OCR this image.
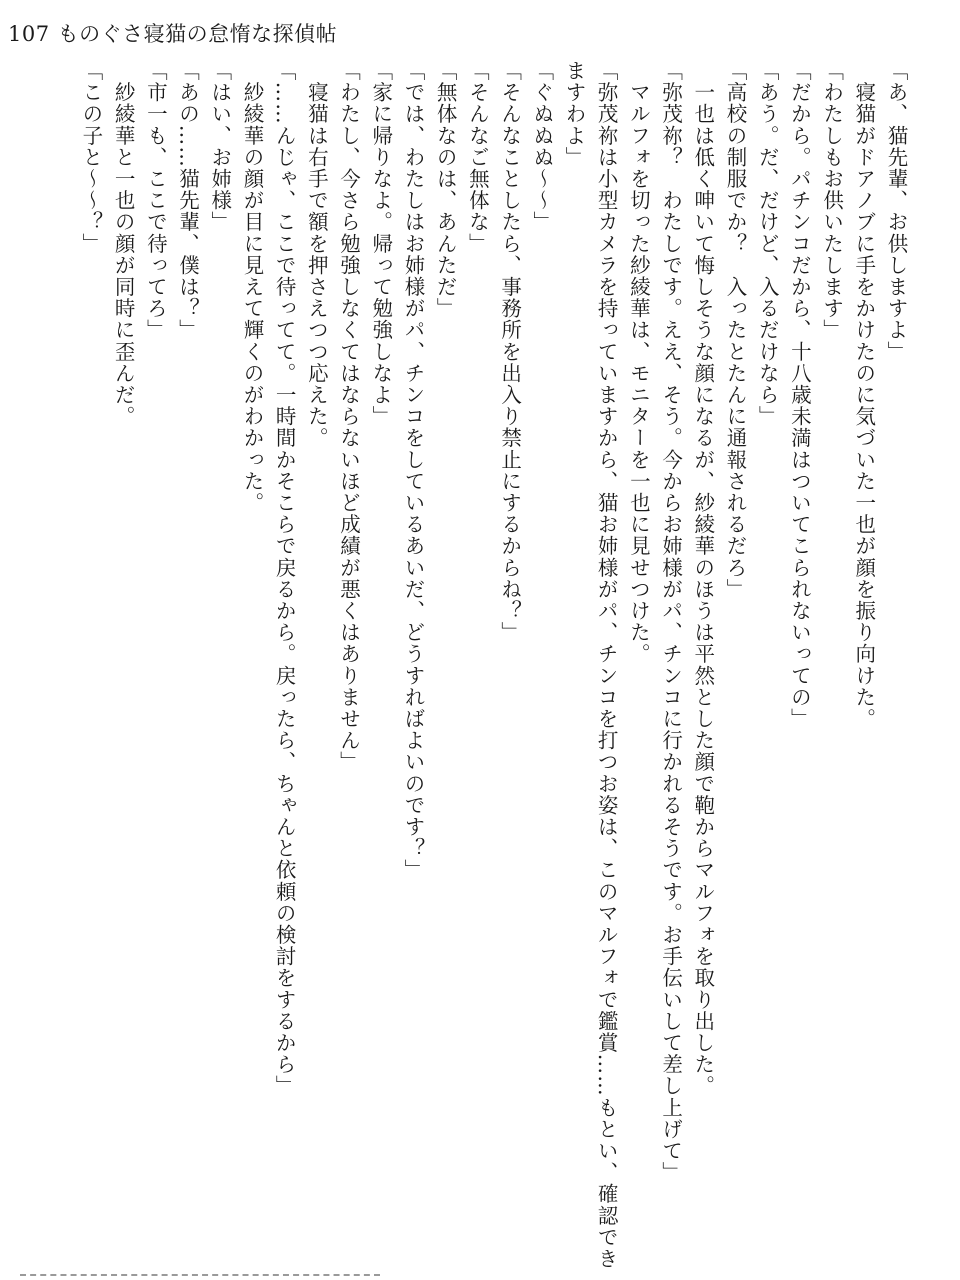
107 ものぐさ寝猫の怠惰な探偵帖

「あ、猫先輩、お供しますよ」

　寝猫がドアノブに手をかけたのに気づいた一也が顔を振り向けた。

「わたしもお供いたします」

「だから。パチンコだから、十八歳未満はついてこられないっての」

「あう。だ、だけど、入るだけなら」

「高校の制服でか？　入ったとたんに通報されるだろ」

　一也は低く呻いて悔しそうな顔になるが、紗綾華のほうは平然とした顔で鞄からマルフォを取り出した。

「弥茂祢？　わたしです。ええ、そう。今からお姉様がパ、チンコに行かれるそうです。お手伝いして差し上げて」

　マルフォを切った紗綾華は、モニターを一也に見せつけた。

「弥茂祢は小型カメラを持っていますから、猫お姉様がパ、チンコを打つお姿は、このマルフォで鑑賞……もとい、確認できますわよ」

「ぐぬぬぬ〜〜」

「そんなことしたら、事務所を出入り禁止にするからね？」

「そんなご無体な」

「無体なのは、あんただ」

「では、わたしはお姉様がパ、チンコをしているあいだ、どうすればよいのです？」

「家に帰りなよ。帰って勉強しなよ」

「わたし、今さら勉強しなくてはならないほど成績が悪くはありません」

　寝猫は右手で額を押さえつつ応えた。

「……んじゃ、ここで待ってて。一時間かそこらで戻るから。戻ったら、ちゃんと依頼の検討をするから」

　紗綾華の顔が目に見えて輝くのがわかった。

「はい、お姉様」

「あの……猫先輩、僕は？」

「市一も、ここで待ってろ」

　紗綾華と一也の顔が同時に歪んだ。

「この子と〜〜？」
